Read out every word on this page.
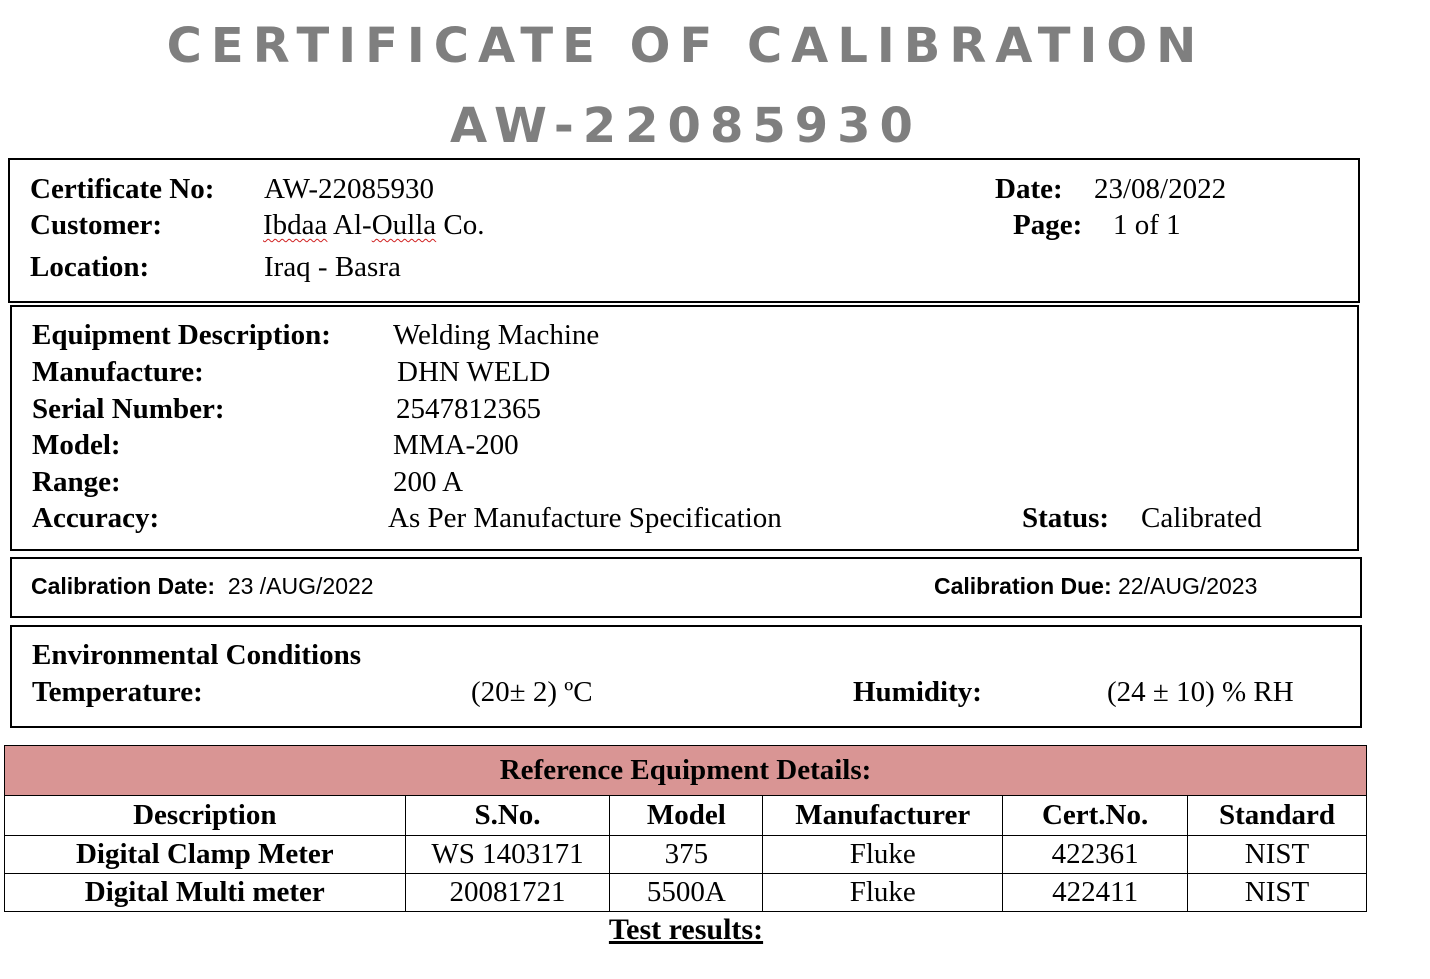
CERTIFICATE OF CALIBRATION
AW-22085930
Certificate No: AW-22085930
Customer:	Ibdaa Al-Oulla Co.
Location:	Iraq - Basra
Date: 23/08/2022
Page: 1 of 1
Equipment Description: Welding Machine
Manufacture:	DHN WELD
Serial Number:	2547812365
Model:	MMA-200
Range:	200 A
Accuracy:	As Per Manufacture Specification	Status: Calibrated
Calibration Date: 23 /AUG/2022	Calibration Due: 22/AUG/2023
Environmental Conditions
Temperature:	(20± 2) ºC	Humidity:	(24 ± 10) % RH
Reference Equipment Details:					
Description	S.No.	Model	Manufacturer	Cert.No.	Standard
Digital Clamp Meter	WS 1403171	375	Fluke	422361	NIST
Digital Multi meter	20081721	5500A	Fluke	422411	NIST
Test results:
